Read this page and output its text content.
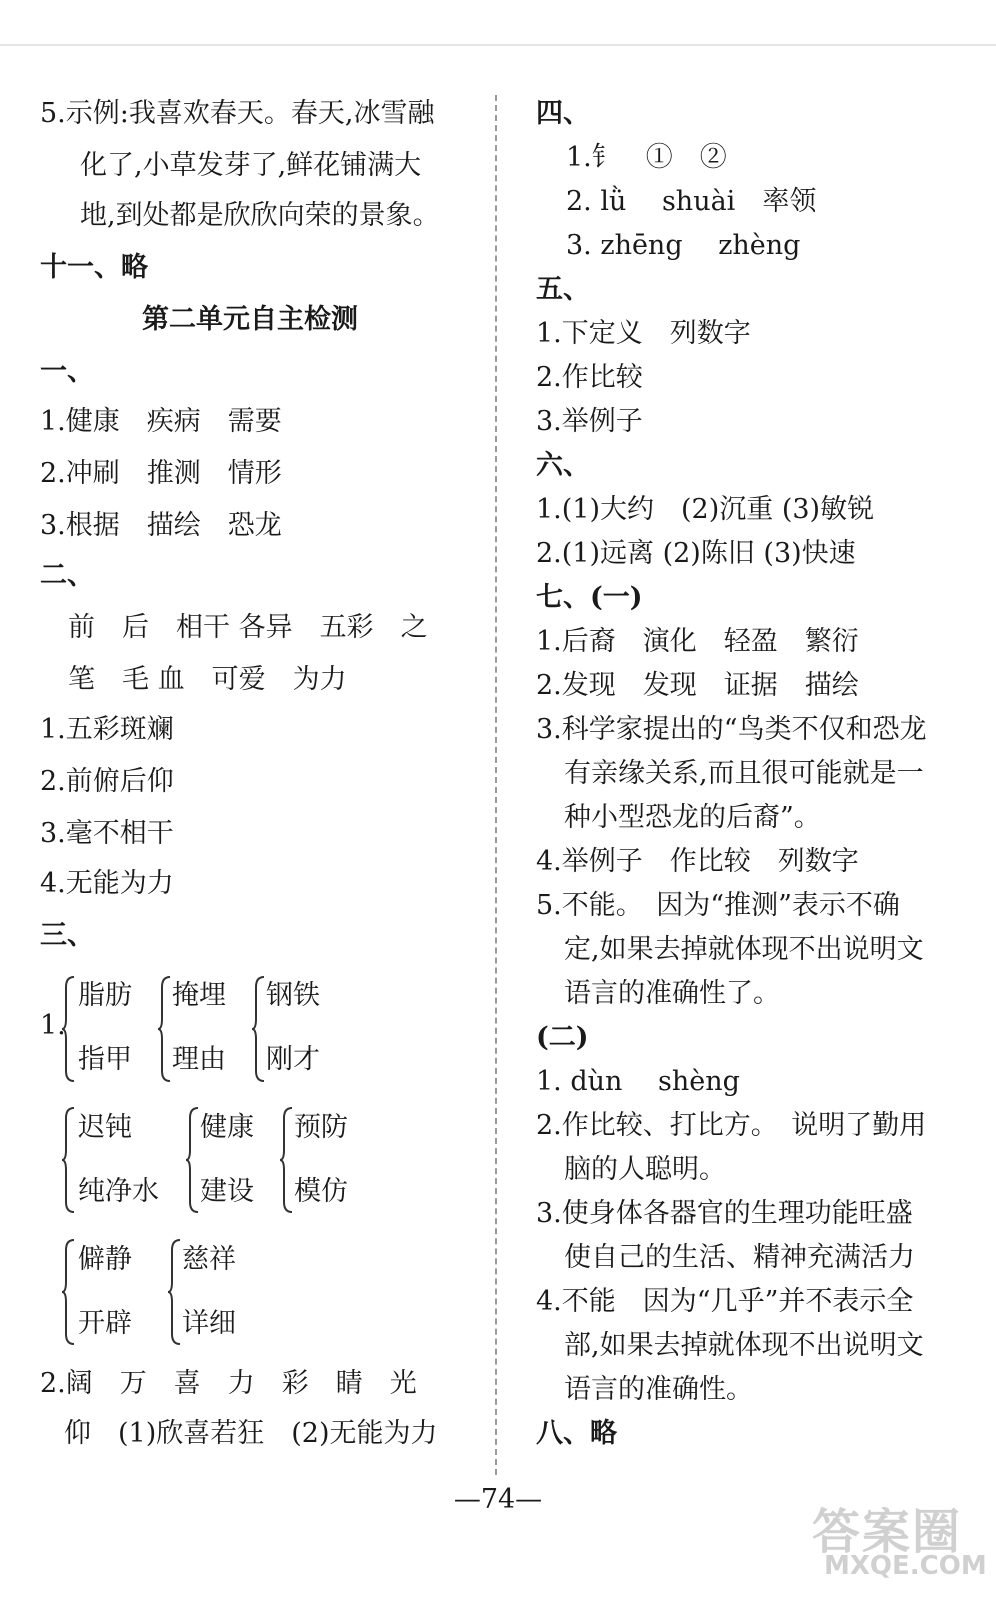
5.示例:我喜欢春天。春天,冰雪融
化了,小草发芽了,鲜花铺满大
地,到处都是欣欣向荣的景象。
十一、略
第二单元自主检测
一、
1.健康　疾病　需要
2.冲刷　推测　情形
3.根据　描绘　恐龙
二、
前　后　相干 各异　五彩　之
笔　毛 血　可爱　为力
1.五彩斑斓
2.前俯后仰
3.毫不相干
4.无能为力
三、
1.
脂肪
指甲
掩埋
理由
钢铁
刚才
迟钝
纯净水
健康
建设
预防
模仿
僻静
开辟
慈祥
详细
2.阔　万　喜　力　彩　睛　光
仰　(1)欣喜若狂　(2)无能为力
四、
1.钅　①　②
2. lǜ　 shuài　率领
3. zhēng　 zhèng
五、
1.下定义　列数字
2.作比较
3.举例子
六、
1.(1)大约　(2)沉重 (3)敏锐
2.(1)远离 (2)陈旧 (3)快速
七、(一)
1.后裔　演化　轻盈　繁衍
2.发现　发现　证据　描绘
3.科学家提出的“鸟类不仅和恐龙
有亲缘关系,而且很可能就是一
种小型恐龙的后裔”。
4.举例子　作比较　列数字
5.不能。　因为“推测”表示不确
定,如果去掉就体现不出说明文
语言的准确性了。
(二)
1. dùn　 shèng
2.作比较、打比方。　说明了勤用
脑的人聪明。
3.使身体各器官的生理功能旺盛
使自己的生活、精神充满活力
4.不能　因为“几乎”并不表示全
部,如果去掉就体现不出说明文
语言的准确性。
八、略
—74—
答案圈
MXQE.COM
